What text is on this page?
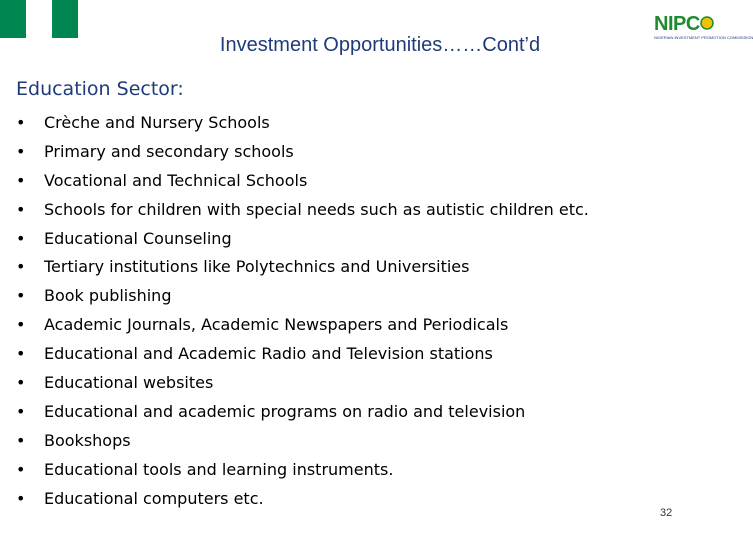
Investment Opportunities……Cont’d
NIPC
NIGERIAN INVESTMENT PROMOTION COMMISSION
Education Sector:
• Crèche and Nursery Schools
• Primary and secondary schools
• Vocational and Technical Schools
• Schools for children with special needs such as autistic children etc.
• Educational Counseling
• Tertiary institutions like Polytechnics and Universities
• Book publishing
• Academic Journals, Academic Newspapers and Periodicals
• Educational and Academic Radio and Television stations
• Educational websites
• Educational and academic programs on radio and television
• Bookshops
• Educational tools and learning instruments.
• Educational computers etc.
32
